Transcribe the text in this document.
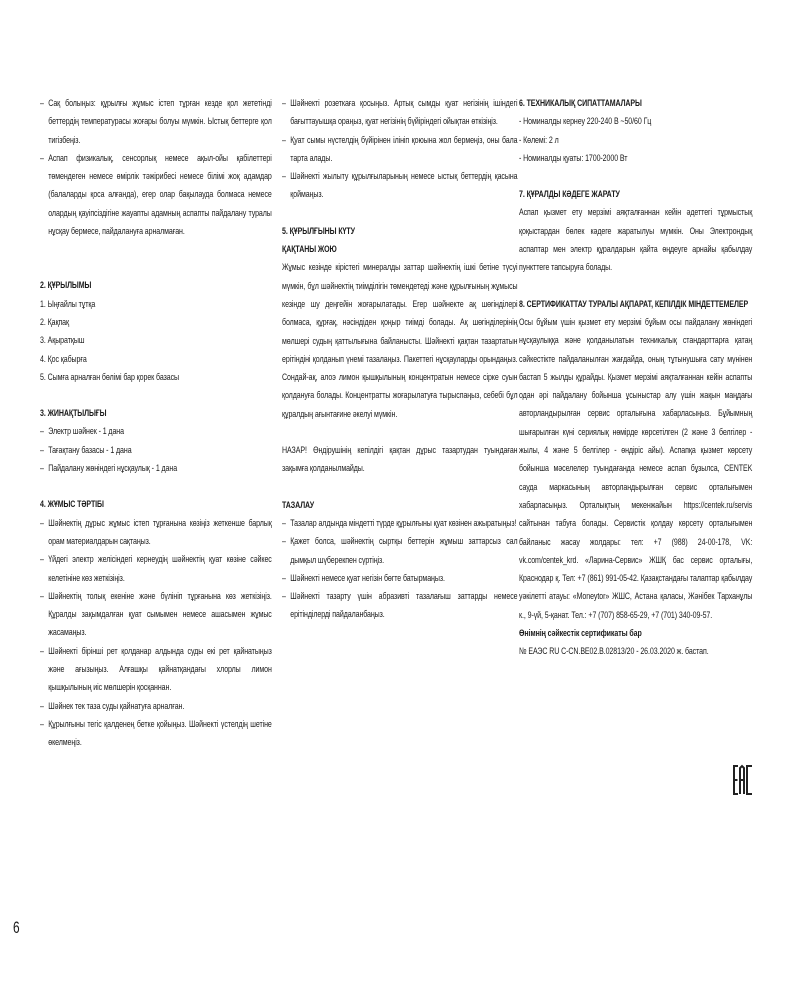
– Сақ болыңыз: құрылғы жұмыс істеп тұрған кезде қол жететінді беттердің температурасы жоғары болуы мүмкін. Ыстық беттерге қол тигізбеңіз.
– Аспап физикалық, сенсорлық немесе ақыл-ойы қабілеттері төмендеген немесе өмірлік тәжірибесі немесе білімі жоқ адамдар (балаларды қоса алғанда), егер олар бақылауда болмаса немесе олардың қауіпсіздігіне жауапты адамның аспапты пайдалану туралы нұсқау бермесе, пайдалануға арналмаған.
2. ҚҰРЫЛЫМЫ
1. Ыңғайлы тұтқа
2. Қақпақ
3. Ақыратқыш
4. Қос қабырға
5. Сымға арналған бөлімі бар қорек базасы
3. ЖИНАҚТЫЛЫҒЫ
– Электр шәйнек - 1 дана
– Тағақтану базасы - 1 дана
– Пайдалану жөніндегі нұсқаулық - 1 дана
4. ЖҰМЫС ТӘРТІБІ
– Шәйнектің дұрыс жұмыс істеп тұрғанына көзіңіз жеткенше барлық орам материалдарын сақтаңыз.
– Үйдегі электр желісіндегі кернеудің шәйнектің қуат көзіне сәйкес келетініне көз жеткізіңіз.
– Шәйнектің толық екеніне және бүлініп тұрғанына көз жеткізіңіз. Құралды зақымдалған қуат сымымен немесе ашасымен жұмыс жасамаңыз.
– Шәйнекті бірінші рет қолданар алдында суды екі рет қайнатыңыз және ағызыңыз. Алғашқы қайнатқандағы хлорлы лимон қышқылының иіс мөлшерін қосқаннан.
– Шәйнек тек таза суды қайнатуға арналған.
– Құрылғыны тегіс қалденең бетке қойыңыз. Шәйнекті үстелдің шетіне өкелмеңіз.
– Шәйнекті розеткаға қосыңыз. Артық сымды қуат негізінің ішіндегі бағыттауышқа ораңыз, қуат негізінің бүйіріндегі ойықтан өткізіңіз.
– Қуат сымы нүстелдің бүйірінен ілініп қоюына жол бермеңіз, оны бала тарта алады.
– Шәйнекті жылыту құрылғыларының немесе ыстық беттердің қасына қоймаңыз.
5. ҚҰРЫЛҒЫНЫ КҮТУ
ҚАҚТАНЫ ЖОЮ
Жұмыс кезінде кірістегі минералды заттар шәйнектің ішкі бетіне түсуі мүмкін, бұл шәйнектің тиімділігін төмендетеді және құрылғының жұмысы кезінде шу деңгейін жоғарылатады. Егер шәйнекте ақ шөгінділері болмаса, құрғақ, нәсіндіден қоңыр тиімді болады. Ақ шөгінділерінің мөлшері судың қаттылығына байланысты. Шәйнекті қақтан тазартатын ерітіндіні қолданып үнемі тазалаңыз. Пакеттегі нұсқауларды орындаңыз. Сондай-ақ, алоэ лимон қышқылының концентратын немесе сірке суын қолдануға болады. Концентратты жоғарылатуға тырыспаңыз, себебі бұл құралдың ағынтағине әкелуі мүмкін.
НАЗАР! Өндірушінің кепілдігі қақтан дұрыс тазартудан туындаған зақымға қолданылмайды.
ТАЗАЛАУ
– Тазалар алдында міндетті түрде құрылғыны қуат көзінен ажыратыңыз!
– Қажет болса, шәйнектің сыртқы беттерін жұмыш заттарсыз сал дымқыл шүберекпен сүртіңіз.
– Шәйнекті немесе қуат негізін бөгте батырмаңыз.
– Шәйнекті тазарту үшін абразивті тазалағыш заттарды немесе ерітінділерді пайдаланбаңыз.
6. ТЕХНИКАЛЫҚ СИПАТТАМАЛАРЫ
- Номиналды кернеу 220-240 В ~50/60 Гц
- Көлемі: 2 л
- Номиналды қуаты: 1700-2000 Вт
7. ҚҰРАЛДЫ КӘДЕГЕ ЖАРАТУ
Аспап қызмет ету мерзімі аяқталғаннан кейін әдеттегі тұрмыстық қоқыстардан бөлек кәдеге жаратылуы мүмкін. Оны Электрондық аспаптар мен электр құралдарын қайта өңдеуге арнайы қабылдау пункттеге тапсыруға болады.
8. СЕРТИФИКАТТАУ ТУРАЛЫ АҚПАРАТ, КЕПІЛДІК МІНДЕТТЕМЕЛЕР
Осы бұйым үшін қызмет ету мерзімі бұйым осы пайдалану жөніндегі нұсқаулыққа және қолданылатын техникалық стандарттарға қатаң сәйкестікте пайдаланылған жағдайда, оның тұтынушыға сату мүнінен бастап 5 жылды құрайды. Қызмет мерзімі аяқталғаннан кейін аспапты одан әрі пайдалану бойынша ұсыныстар алу үшін жақын маңдағы авторландырылған сервис орталығына хабарласыңыз. Бұйымның шығарылған күні сериялық нөмірде көрсетілген (2 және 3 белгілер - жылы, 4 және 5 белгілер - өндіріс айы). Аспапқа қызмет көрсету бойынша мәселелер туындағанда немесе аспап бұзылса, CENTEK сауда маркасының авторландырылған сервис орталығымен хабарласыңыз. Орталықтың мекенжайын https://centek.ru/servis сайтынан табуға болады. Сервистік қолдау көрсету орталығымен байланыс жасау жолдары: тел: +7 (988) 24-00-178, VK: vk.com/centek_krd. «Ларина-Сервис» ЖШҚ бас сервис орталығы, Краснодар қ. Тел: +7 (861) 991-05-42. Қазақстандағы талаптар қабылдау уәкілетті атауы: «Moneytor» ЖШС, Астана қаласы, Жәнібек Тарханұлы к., 9-үй, 5-қанат. Тел.: +7 (707) 858-65-29, +7 (701) 340-09-57.
Өнімнің сәйкестік сертификаты бар
№ ЕАЭС RU C-CN.ВЕ02.В.02813/20 - 26.03.2020 ж. бастап.
6
